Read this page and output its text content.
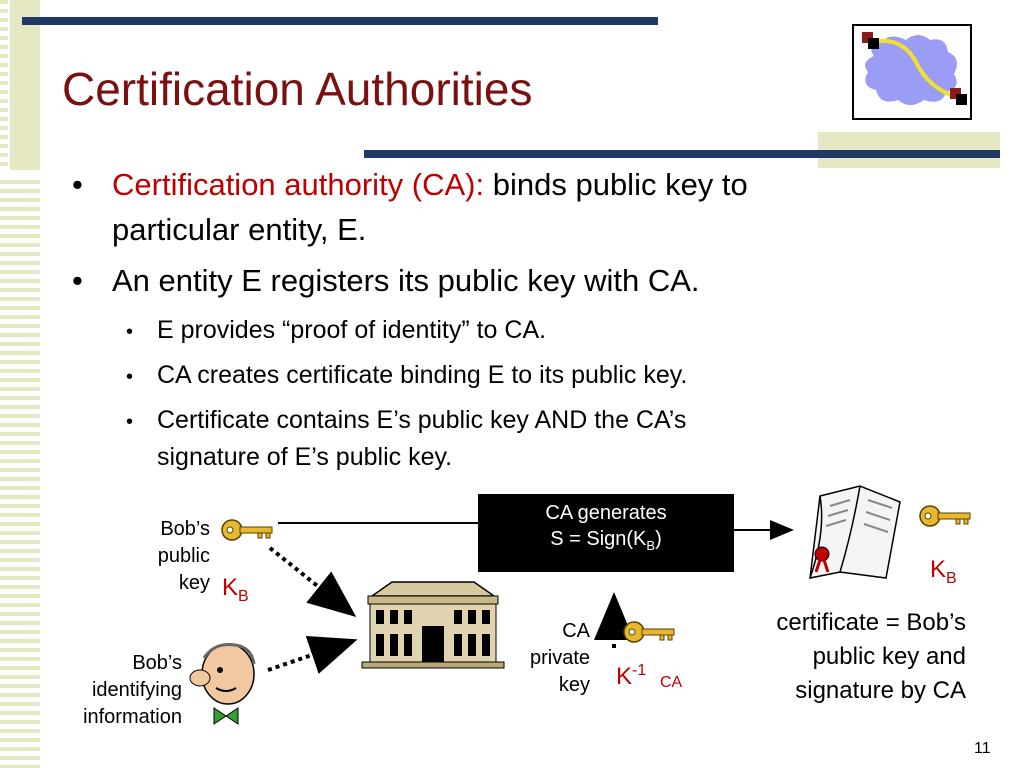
Certification Authorities
• Certification authority (CA): binds public key to
particular entity, E.
• An entity E registers its public key with CA.
• E provides “proof of identity” to CA.
• CA creates certificate binding E to its public key.
• Certificate contains E’s public key AND the CA’s
signature of E’s public key.
Bob’s
public
key $K_B$
CA generates
$S = Sign(K_B)$
Bob’s
identifying
information
CA
private
key $K^{-1}$
CA
$K_B$
certificate = Bob’s
public key and
signature by CA
11
